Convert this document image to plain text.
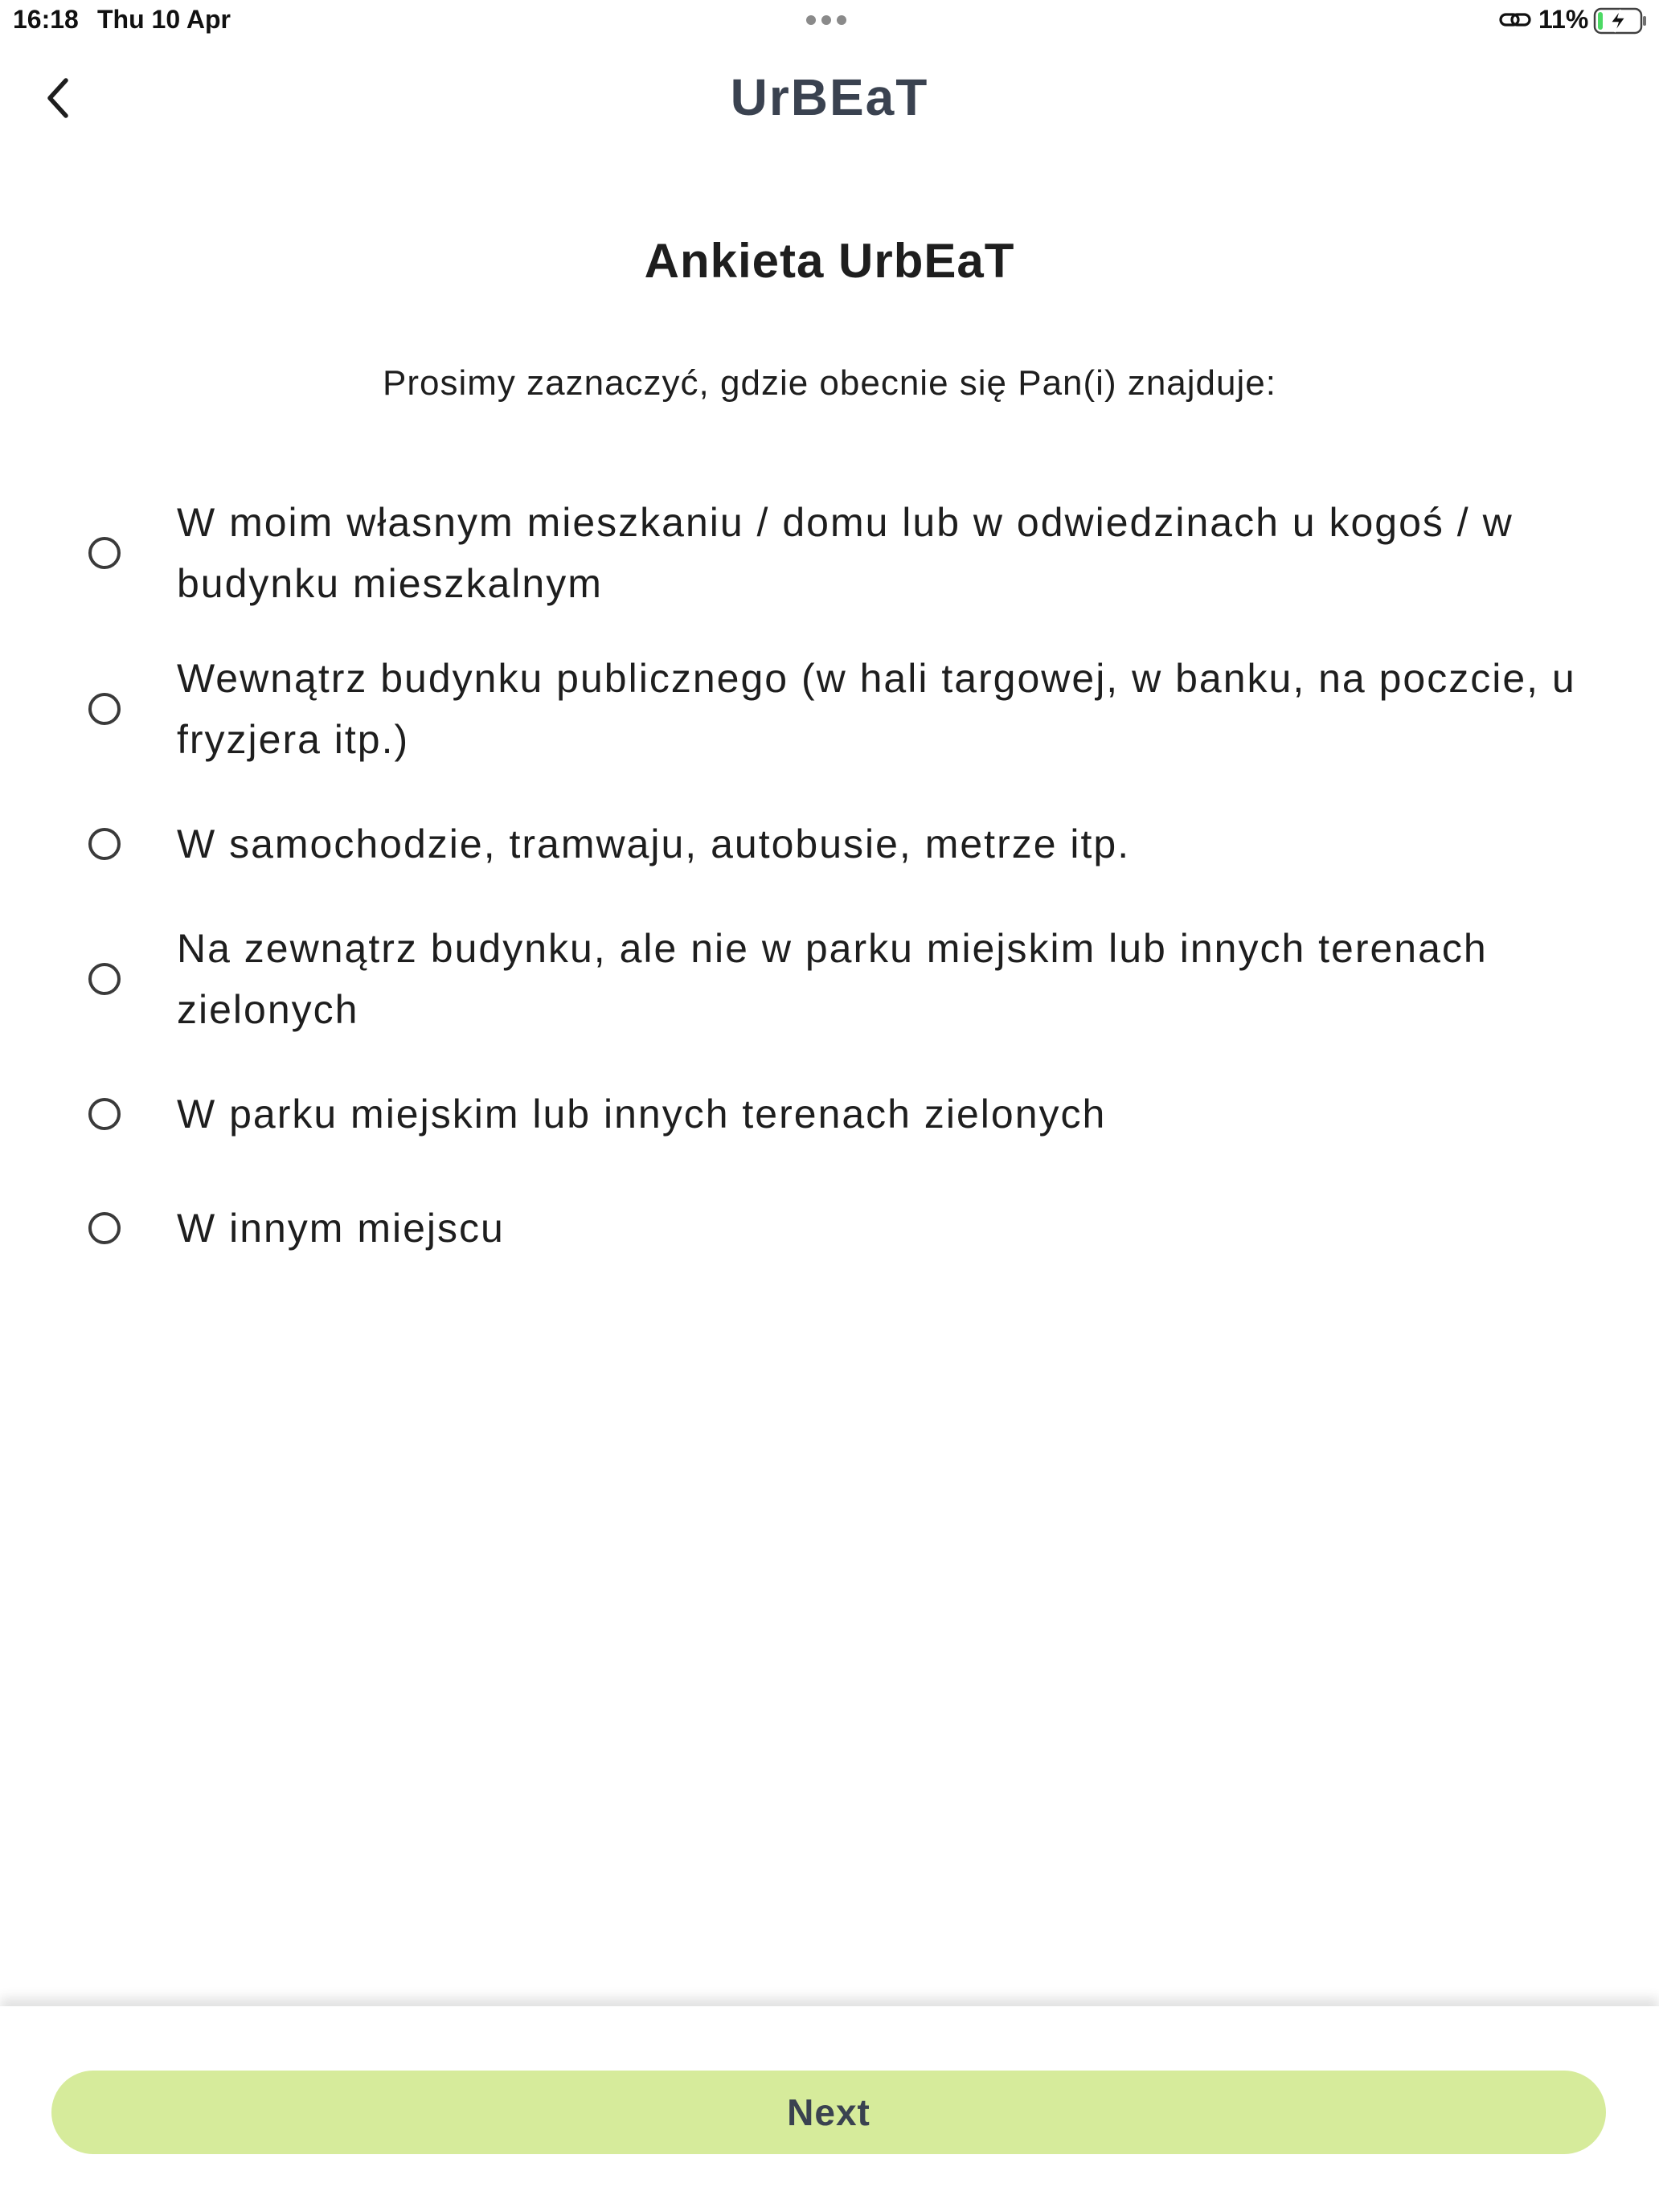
16:18 Thu 10 Apr	11%
UrBEaT
Ankieta UrbEaT
Prosimy zaznaczyć, gdzie obecnie się Pan(i) znajduje:
W moim własnym mieszkaniu / domu lub w odwiedzinach u kogoś / w budynku mieszkalnym
Wewnątrz budynku publicznego (w hali targowej, w banku, na poczcie, u fryzjera itp.)
W samochodzie, tramwaju, autobusie, metrze itp.
Na zewnątrz budynku, ale nie w parku miejskim lub innych terenach zielonych
W parku miejskim lub innych terenach zielonych
W innym miejscu
Next
